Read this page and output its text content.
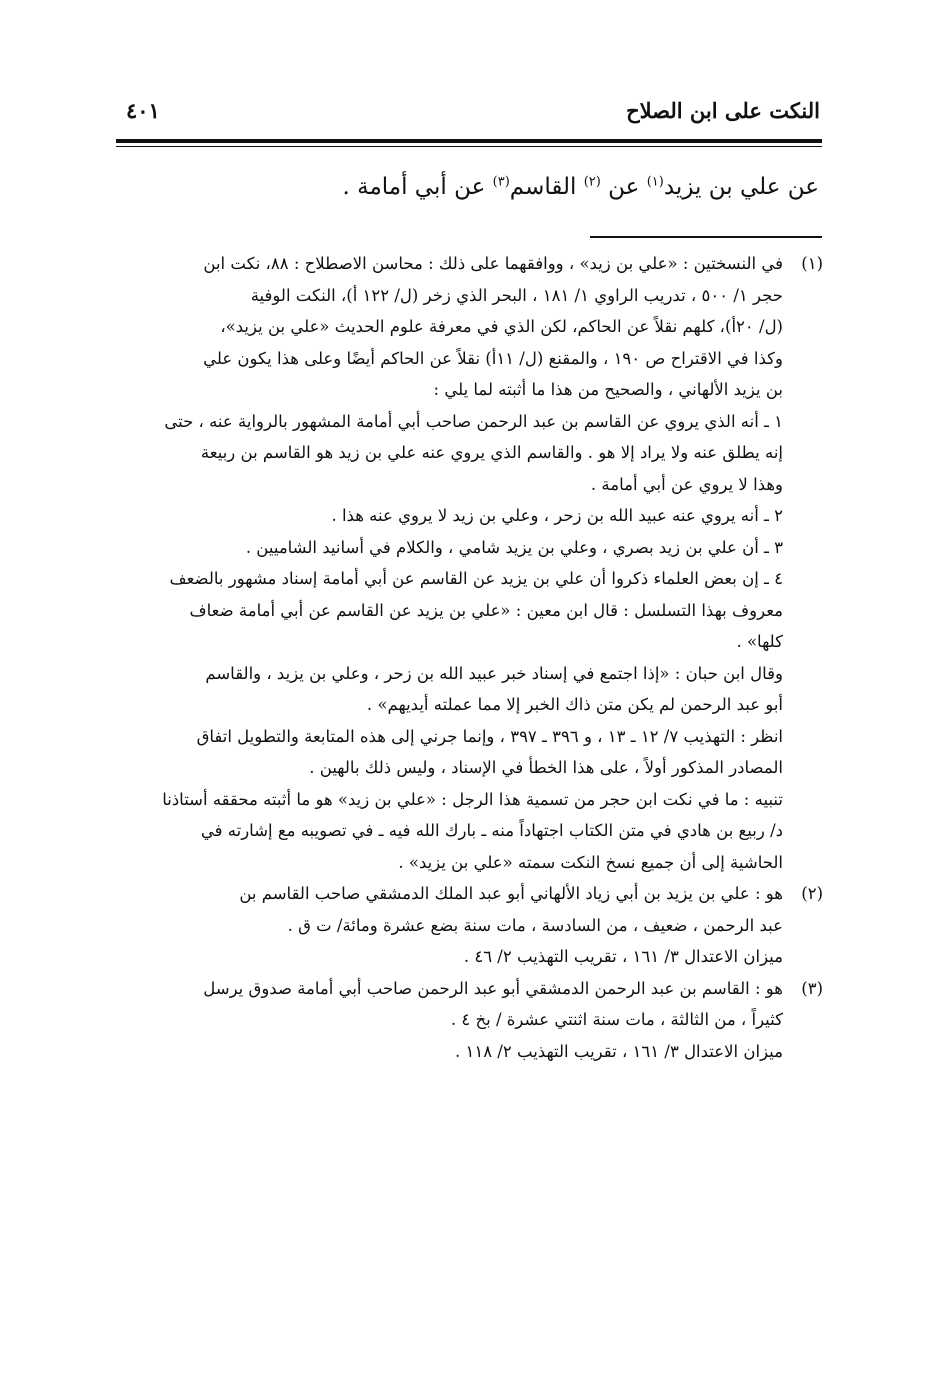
النكت على ابن الصلاح
٤٠١
عن علي بن يزيد$^{(١)}$ عن $^{(٢)}$ القاسم$^{(٣)}$ عن أبي أمامة .
(١)
في النسختين : «علي بن زيد» ، ووافقهما على ذلك : محاسن الاصطلاح : ٨٨، نكت ابن
حجر ١/ ٥٠٠ ، تدريب الراوي ١/ ١٨١ ، البحر الذي زخر (ل/ ١٢٢ أ)، النكت الوفية
(ل/ ٢٠أ)، كلهم نقلاً عن الحاكم، لكن الذي في معرفة علوم الحديث «علي بن يزيد»،
وكذا في الاقتراح ص ١٩٠ ، والمقنع (ل/ ١١أ) نقلاً عن الحاكم أيضًا وعلى هذا يكون علي
بن يزيد الألهاني ، والصحيح من هذا ما أثبته لما يلي :
١ ـ أنه الذي يروي عن القاسم بن عبد الرحمن صاحب أبي أمامة المشهور بالرواية عنه ، حتى
إنه يطلق عنه ولا يراد إلا هو . والقاسم الذي يروي عنه علي بن زيد هو القاسم بن ربيعة
وهذا لا يروي عن أبي أمامة .
٢ ـ أنه يروي عنه عبيد الله بن زحر ، وعلي بن زيد لا يروي عنه هذا .
٣ ـ أن علي بن زيد بصري ، وعلي بن يزيد شامي ، والكلام في أسانيد الشاميين .
٤ ـ إن بعض العلماء ذكروا أن علي بن يزيد عن القاسم عن أبي أمامة إسناد مشهور بالضعف
معروف بهذا التسلسل : قال ابن معين : «علي بن يزيد عن القاسم عن أبي أمامة ضعاف
كلها» .
وقال ابن حبان : «إذا اجتمع في إسناد خبر عبيد الله بن زحر ، وعلي بن يزيد ، والقاسم
أبو عبد الرحمن لم يكن متن ذاك الخبر إلا مما عملته أيديهم» .
انظر : التهذيب ٧/ ١٢ ـ ١٣ ، و ٣٩٦ ـ ٣٩٧ ، وإنما جرني إلى هذه المتابعة والتطويل اتفاق
المصادر المذكور أولاً ، على هذا الخطأ في الإسناد ، وليس ذلك بالهين .
تنبيه : ما في نكت ابن حجر من تسمية هذا الرجل : «علي بن زيد» هو ما أثبته محققه أستاذنا
د/ ربيع بن هادي في متن الكتاب اجتهاداً منه ـ بارك الله فيه ـ في تصويبه مع إشارته في
الحاشية إلى أن جميع نسخ النكت سمته «علي بن يزيد» .
(٢)
هو : علي بن يزيد بن أبي زياد الألهاني أبو عبد الملك الدمشقي صاحب القاسم بن
عبد الرحمن ، ضعيف ، من السادسة ، مات سنة بضع عشرة ومائة/ ت ق .
ميزان الاعتدال ٣/ ١٦١ ، تقريب التهذيب ٢/ ٤٦ .
(٣)
هو : القاسم بن عبد الرحمن الدمشقي أبو عبد الرحمن صاحب أبي أمامة صدوق يرسل
كثيراً ، من الثالثة ، مات سنة اثنتي عشرة / بخ ٤ .
ميزان الاعتدال ٣/ ١٦١ ، تقريب التهذيب ٢/ ١١٨ .
